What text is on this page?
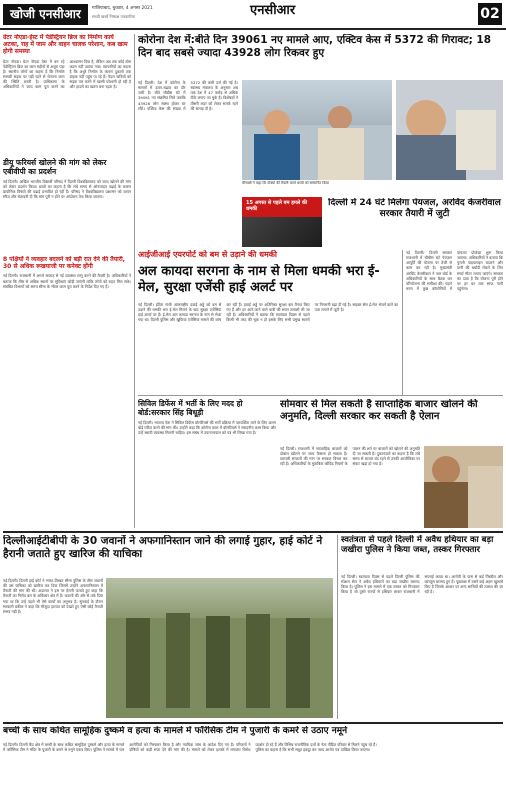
खोजी एनसीआर	गाजियाबाद, बुधवार, 4 अगस्त 2021
सच्ची खबरें निष्पक्ष पत्रकारिता	एनसीआर	02
ग्रेटर नोएडा-ईस्ट में पेडेस्ट्रियन ब्रिज का निर्माण कार्य अटका, राह में जाम और वाहन चालक परेशान, कब खत्म होगी समस्या
ग्रेटर नोएडा। ग्रेटर नोएडा वेस्ट में बन रहे पेडेस्ट्रियन ब्रिज का काम महीनों से अधूरा पड़ा है। स्थानीय लोगों का कहना है कि निर्माण सामग्री सड़क पर पड़ी रहने से रोजाना जाम की स्थिति बनती है। प्राधिकरण के अधिकारियों ने जल्द काम पूरा करने का आश्वासन दिया है, लेकिन अब तक कोई ठोस कदम नहीं उठाया गया। व्यापारियों का कहना है कि अधूरे निर्माण के कारण दुकानों तक ग्राहक नहीं पहुंच पा रहे हैं। पैदल यात्रियों को सड़क पार करने में खासी परेशानी हो रही है और हादसे का खतरा बना रहता है।
डीयू फरियर्स खोलने की मांग को लेकर एबीवीपी का प्रदर्शन
नई दिल्ली। अखिल भारतीय विद्यार्थी परिषद ने दिल्ली विश्वविद्यालय को जल्द खोलने की मांग को लेकर प्रदर्शन किया। छात्रों का कहना है कि लंबे समय से ऑनलाइन पढ़ाई के कारण प्रायोगिक विषयों की पढ़ाई प्रभावित हो रही है। परिषद ने विश्वविद्यालय प्रशासन को ज्ञापन सौंपा और चेतावनी दी कि मांग पूरी न होने पर आंदोलन तेज किया जाएगा।
8 पक्षियों ने व्यवहार बदलने को बड़ी रात देने की तैयारी, 30 से अधिक रूखयाजी पर कनेक्ट होंगी
नई दिल्ली। राजधानी में अगले सप्ताह से नई व्यवस्था लागू करने की तैयारी है। अधिकारियों ने बताया कि तीस से अधिक स्थानों पर सुविधाएं जोड़ी जाएंगी ताकि लोगों को राहत मिल सके। संबंधित विभागों को समय सीमा के भीतर काम पूरा करने के निर्देश दिए गए हैं।
कोरोना देश में:बीते दिन 39061 नए मामले आए, एक्टिव केस में 5372 की गिरावट; 18 दिन बाद सबसे ज्यादा 43928 लोग रिकवर हुए
नई दिल्ली। देश में कोरोना के मामलों में उतार-चढ़ाव का दौर जारी है। बीते चौबीस घंटे में 39061 नए संक्रमित मिले जबकि 43928 लोग स्वस्थ होकर घर लौटे। एक्टिव केस की संख्या में 5372 की कमी दर्ज की गई है। स्वास्थ्य मंत्रालय के अनुसार अब तक देश में 47 करोड़ से अधिक टीके लगाए जा चुके हैं। विशेषज्ञों ने तीसरी लहर को लेकर सतर्क रहने की सलाह दी है।
मीनाक्षी ने कहा कि टोक्यो की तैयारी करते बच्चों को सम्मानित किया
15 अगस्त से पहले बम हमले की धमकी
आईजीआई एयरपोर्ट को बम से उड़ाने की धमकी
अल कायदा सरगना के नाम से मिला धमकी भरा ई-मेल, सुरक्षा एजेंसी हाई अलर्ट पर
नई दिल्ली। इंदिरा गांधी अंतरराष्ट्रीय हवाई अड्डे को बम से उड़ाने की धमकी भरा ई-मेल मिलने के बाद सुरक्षा एजेंसियां हाई अलर्ट पर हैं। ई-मेल अल कायदा सरगना के नाम से भेजा गया था। दिल्ली पुलिस और खुफिया एजेंसियां मामले की जांच कर रही हैं। हवाई अड्डे पर अतिरिक्त सुरक्षा बल तैनात किए गए हैं और हर आने-जाने वाले यात्री की सघन तलाशी ली जा रही है। अधिकारियों ने बताया कि स्वतंत्रता दिवस से पहले किसी भी तरह की चूक न हो इसके लिए सभी प्रमुख स्थानों पर निगरानी बढ़ा दी गई है। साइबर सेल ई-मेल भेजने वाले का पता लगाने में जुटी है।
दिल्ली में 24 घंटे मिलेगा पेयजल, अरविंद केजरीवाल सरकार तैयारी में जुटी
नई दिल्ली। दिल्ली सरकार राजधानी में चौबीस घंटे पेयजल आपूर्ति की योजना पर तेजी से काम कर रही है। मुख्यमंत्री अरविंद केजरीवाल ने जल बोर्ड के अधिकारियों के साथ बैठक कर परियोजना की समीक्षा की। पहले चरण में कुछ कॉलोनियों में पायलट प्रोजेक्ट शुरू किया जाएगा। अधिकारियों ने बताया कि पुरानी पाइपलाइन बदलने और पानी की बर्बादी रोकने के लिए स्मार्ट मीटर लगाए जाएंगे। सरकार का दावा है कि योजना पूरी होने पर हर घर तक साफ पानी पहुंचेगा।
सिविल डिफेंस में भर्ती के लिए मदद हो बोर्ड:सरकार सिंह बिधूड़ी
नई दिल्ली। भाजपा नेता ने सिविल डिफेंस वॉलंटियर्स की भर्ती प्रक्रिया में पारदर्शिता लाने के लिए अलग बोर्ड गठित करने की मांग की। उन्होंने कहा कि कोरोना काल में वॉलंटियर्स ने सराहनीय काम किया और उन्हें स्थायी व्यवस्था मिलनी चाहिए। इस संबंध में उपराज्यपाल को पत्र भी लिखा गया है।
सोमवार से मिल सकती है साप्ताहिक बाजार खोलने की अनुमति, दिल्ली सरकार कर सकती है ऐलान
नई दिल्ली। राजधानी में साप्ताहिक बाजारों को दोबारा खोलने पर जल्द फैसला हो सकता है। व्यापारी संगठनों की मांग पर सरकार विचार कर रही है। अधिकारियों के मुताबिक कोविड नियमों के पालन की शर्त पर बाजारों को खोलने की अनुमति दी जा सकती है। दुकानदारों का कहना है कि लंबे समय से बाजार बंद रहने से उनकी आजीविका पर संकट खड़ा हो गया है।
दिल्लीआईटीबीपी के 30 जवानों ने अफगानिस्तान जाने की लगाई गुहार, हाई कोर्ट ने हैरानी जताते हुए खारिज की याचिका
नई दिल्ली। दिल्ली हाई कोर्ट ने भारत-तिब्बत सीमा पुलिस के तीस जवानों की उस याचिका को खारिज कर दिया जिसमें उन्होंने अफगानिस्तान में तैनाती की मांग की थी। अदालत ने इस पर हैरानी जताते हुए कहा कि तैनाती का निर्णय बल के अधिकार क्षेत्र में है। जवानों की ओर से तर्क दिया गया था कि उन्हें पहले भी ऐसे कार्यों का अनुभव है। सुनवाई के दौरान सरकारी वकील ने कहा कि मौजूदा हालात को देखते हुए ऐसी कोई तैनाती संभव नहीं है।
स्वतंत्रता से पहले दिल्ली में अवैध हथियार का बड़ा जखीरा पुलिस ने किया जब्त, तस्कर गिरफ्तार
नई दिल्ली। स्वतंत्रता दिवस से पहले दिल्ली पुलिस की स्पेशल सेल ने अवैध हथियारों का बड़ा जखीरा बरामद किया है। पुलिस ने इस मामले में एक तस्कर को गिरफ्तार किया है जो दूसरे राज्यों से हथियार लाकर राजधानी में सप्लाई करता था। आरोपी के पास से कई पिस्तौल और कारतूस बरामद हुए हैं। पूछताछ में उसने कई अहम खुलासे किए हैं जिनके आधार पर अन्य साथियों की तलाश की जा रही है।
बच्ची के साथ कथित सामूहिक दुष्कर्म व हत्या के मामले में फॉरेंसिक टीम ने पुजारी के कमरे से उठाए नमूने
नई दिल्ली। दिल्ली कैंट क्षेत्र में बच्ची के साथ कथित सामूहिक दुष्कर्म और हत्या के मामले में फॉरेंसिक टीम ने मंदिर के पुजारी के कमरे से नमूने एकत्र किए। पुलिस ने मामले में चार आरोपियों को गिरफ्तार किया है और न्यायिक जांच के आदेश दिए गए हैं। परिजनों ने दोषियों को कड़ी सजा देने की मांग की है। मामले को लेकर इलाके में लगातार विरोध प्रदर्शन हो रहे हैं और विभिन्न राजनीतिक दलों के नेता पीड़ित परिवार से मिलने पहुंच रहे हैं। पुलिस का कहना है कि सभी सबूत इकट्ठा कर जल्द आरोप पत्र दाखिल किया जाएगा।
